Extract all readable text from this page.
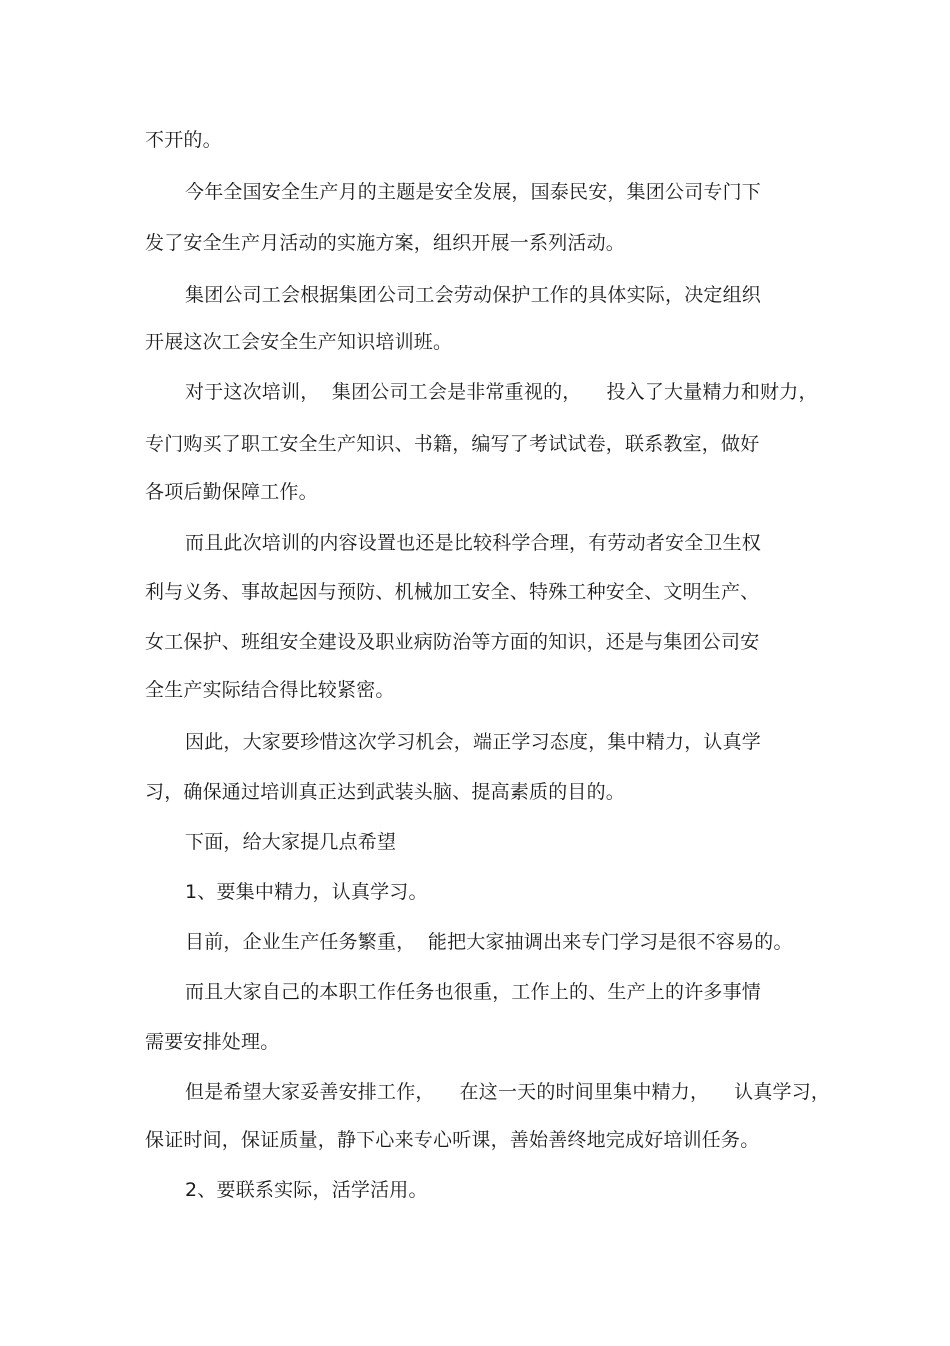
不开的。
今年全国安全生产月的主题是安全发展，国泰民安，集团公司专门下
发了安全生产月活动的实施方案，组织开展一系列活动。
集团公司工会根据集团公司工会劳动保护工作的具体实际，决定组织
开展这次工会安全生产知识培训班。
对于这次培训，  集团公司工会是非常重视的，    投入了大量精力和财力，
专门购买了职工安全生产知识、书籍，编写了考试试卷，联系教室，做好
各项后勤保障工作。
而且此次培训的内容设置也还是比较科学合理，有劳动者安全卫生权
利与义务、事故起因与预防、机械加工安全、特殊工种安全、文明生产、
女工保护、班组安全建设及职业病防治等方面的知识，还是与集团公司安
全生产实际结合得比较紧密。
因此，大家要珍惜这次学习机会，端正学习态度，集中精力，认真学
习，确保通过培训真正达到武装头脑、提高素质的目的。
下面，给大家提几点希望
1、要集中精力，认真学习。
目前，企业生产任务繁重，  能把大家抽调出来专门学习是很不容易的。
而且大家自己的本职工作任务也很重，工作上的、生产上的许多事情
需要安排处理。
但是希望大家妥善安排工作，    在这一天的时间里集中精力，    认真学习，
保证时间，保证质量，静下心来专心听课，善始善终地完成好培训任务。
2、要联系实际，活学活用。
